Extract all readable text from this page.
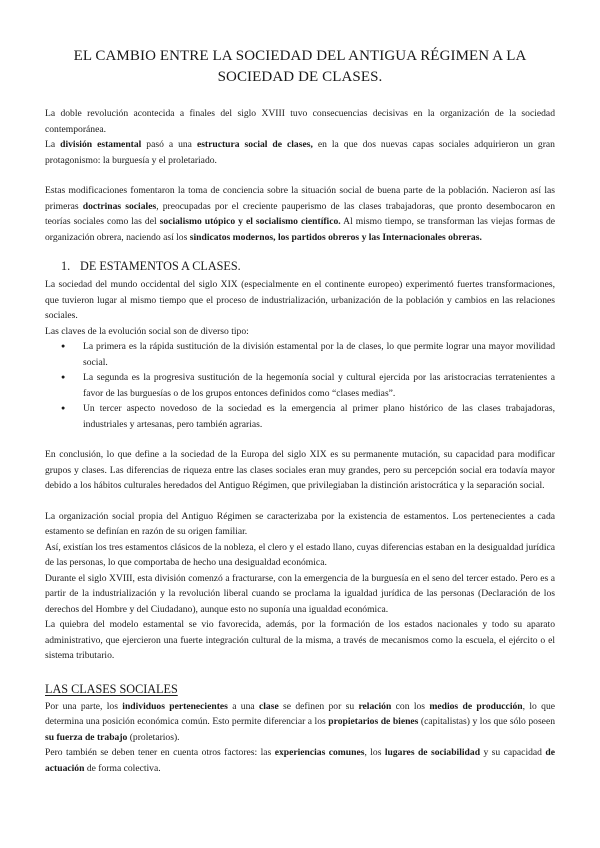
EL CAMBIO ENTRE LA SOCIEDAD DEL ANTIGUA RÉGIMEN A LA SOCIEDAD DE CLASES.

La doble revolución acontecida a finales del siglo XVIII tuvo consecuencias decisivas en la organización de la sociedad contemporánea.

La división estamental pasó a una estructura social de clases, en la que dos nuevas capas sociales adquirieron un gran protagonismo: la burguesía y el proletariado.

Estas modificaciones fomentaron la toma de conciencia sobre la situación social de buena parte de la población. Nacieron así las primeras doctrinas sociales, preocupadas por el creciente pauperismo de las clases trabajadoras, que pronto desembocaron en teorías sociales como las del socialismo utópico y el socialismo científico. Al mismo tiempo, se transforman las viejas formas de organización obrera, naciendo así los sindicatos modernos, los partidos obreros y las Internacionales obreras.

1. DE ESTAMENTOS A CLASES.

La sociedad del mundo occidental del siglo XIX (especialmente en el continente europeo) experimentó fuertes transformaciones, que tuvieron lugar al mismo tiempo que el proceso de industrialización, urbanización de la población y cambios en las relaciones sociales.

Las claves de la evolución social son de diverso tipo:

● La primera es la rápida sustitución de la división estamental por la de clases, lo que permite lograr una mayor movilidad social.
● La segunda es la progresiva sustitución de la hegemonía social y cultural ejercida por las aristocracias terratenientes a favor de las burguesías o de los grupos entonces definidos como “clases medias”.
● Un tercer aspecto novedoso de la sociedad es la emergencia al primer plano histórico de las clases trabajadoras, industriales y artesanas, pero también agrarias.

En conclusión, lo que define a la sociedad de la Europa del siglo XIX es su permanente mutación, su capacidad para modificar grupos y clases. Las diferencias de riqueza entre las clases sociales eran muy grandes, pero su percepción social era todavía mayor debido a los hábitos culturales heredados del Antiguo Régimen, que privilegiaban la distinción aristocrática y la separación social.

La organización social propia del Antiguo Régimen se caracterizaba por la existencia de estamentos. Los pertenecientes a cada estamento se definían en razón de su origen familiar.

Así, existían los tres estamentos clásicos de la nobleza, el clero y el estado llano, cuyas diferencias estaban en la desigualdad jurídica de las personas, lo que comportaba de hecho una desigualdad económica.

Durante el siglo XVIII, esta división comenzó a fracturarse, con la emergencia de la burguesía en el seno del tercer estado. Pero es a partir de la industrialización y la revolución liberal cuando se proclama la igualdad jurídica de las personas (Declaración de los derechos del Hombre y del Ciudadano), aunque esto no suponía una igualdad económica.

La quiebra del modelo estamental se vio favorecida, además, por la formación de los estados nacionales y todo su aparato administrativo, que ejercieron una fuerte integración cultural de la misma, a través de mecanismos como la escuela, el ejército o el sistema tributario.

LAS CLASES SOCIALES

Por una parte, los individuos pertenecientes a una clase se definen por su relación con los medios de producción, lo que determina una posición económica común. Esto permite diferenciar a los propietarios de bienes (capitalistas) y los que sólo poseen su fuerza de trabajo (proletarios).

Pero también se deben tener en cuenta otros factores: las experiencias comunes, los lugares de sociabilidad y su capacidad de actuación de forma colectiva.
